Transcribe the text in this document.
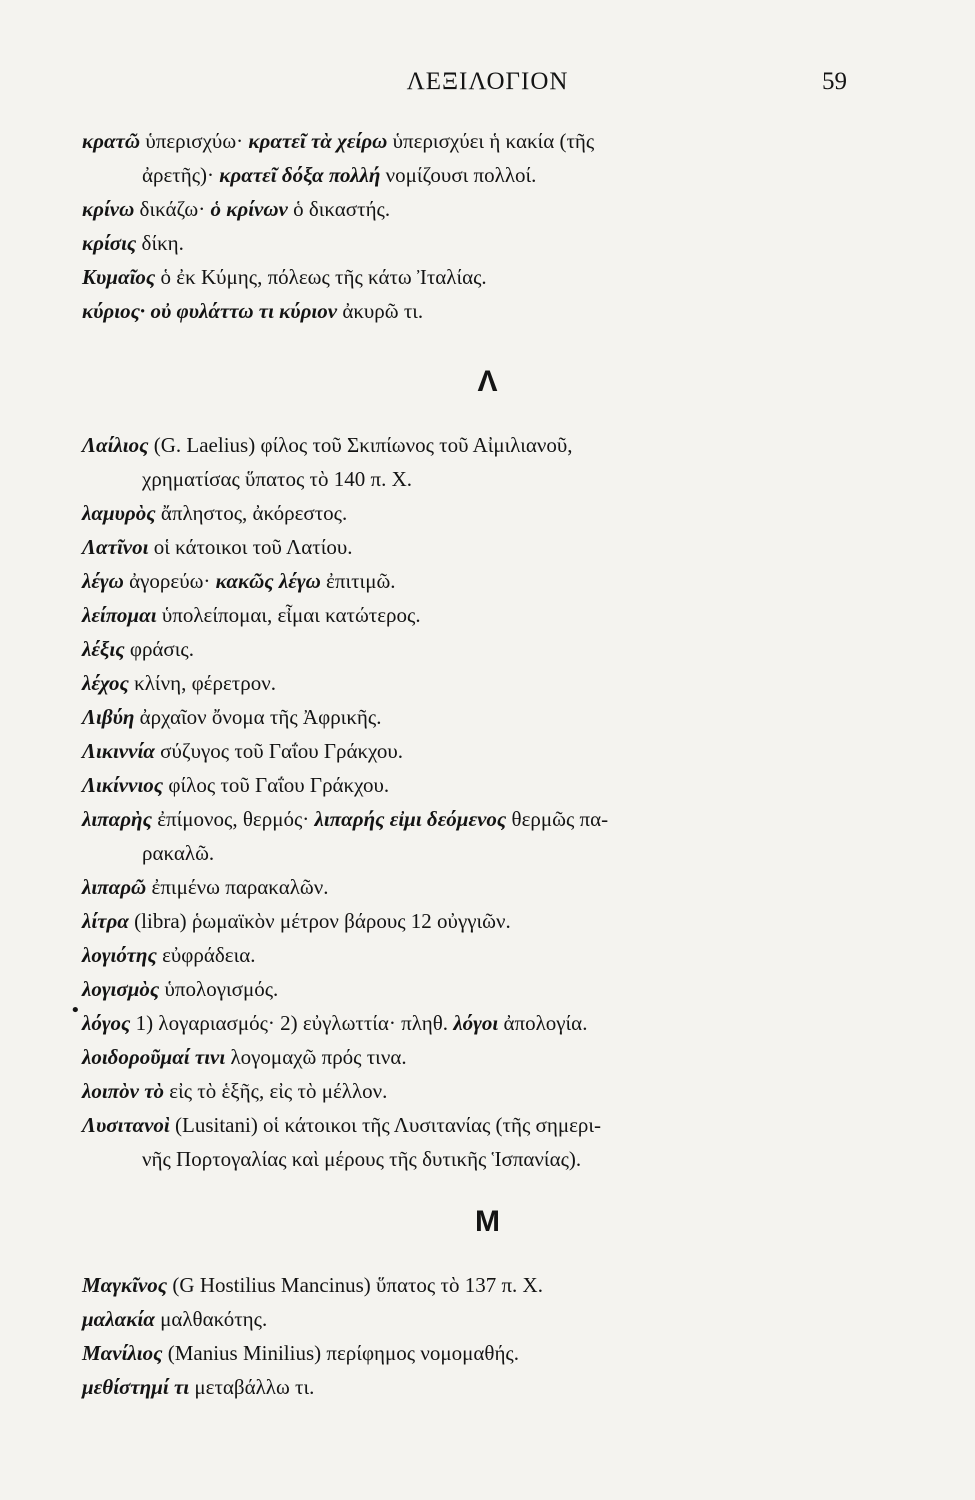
ΛΕΞΙΛΟΓΙΟΝ	59
κρατῶ ὑπερισχύω· κρατεῖ τὰ χείρω ὑπερισχύει ἡ κακία (τῆς
ἀρετῆς)· κρατεῖ δόξα πολλή νομίζουσι πολλοί.
κρίνω δικάζω· ὁ κρίνων ὁ δικαστής.
κρίσις δίκη.
Κυμαῖος ὁ ἐκ Κύμης, πόλεως τῆς κάτω Ἰταλίας.
κύριος· οὐ φυλάττω τι κύριον ἀκυρῶ τι.
Λ
Λαίλιος (G. Laelius) φίλος τοῦ Σκιπίωνος τοῦ Αἰμιλιανοῦ,
χρηματίσας ὕπατος τὸ 140 π. Χ.
λαμυρὸς ἄπληστος, ἀκόρεστος.
Λατῖνοι οἱ κάτοικοι τοῦ Λατίου.
λέγω ἀγορεύω· κακῶς λέγω ἐπιτιμῶ.
λείπομαι ὑπολείπομαι, εἶμαι κατώτερος.
λέξις φράσις.
λέχος κλίνη, φέρετρον.
Λιβύη ἀρχαῖον ὄνομα τῆς Ἀφρικῆς.
Λικιννία σύζυγος τοῦ Γαΐου Γράκχου.
Λικίννιος φίλος τοῦ Γαΐου Γράκχου.
λιπαρὴς ἐπίμονος, θερμός· λιπαρής εἰμι δεόμενος θερμῶς πα-
ρακαλῶ.
λιπαρῶ ἐπιμένω παρακαλῶν.
λίτρα (libra) ῥωμαϊκὸν μέτρον βάρους 12 οὐγγιῶν.
λογιότης εὐφράδεια.
λογισμὸς ὑπολογισμός.
λόγος 1) λογαριασμός· 2) εὐγλωττία· πληθ. λόγοι ἀπολογία.
λοιδοροῦμαί τινι λογομαχῶ πρός τινα.
λοιπὸν τὸ εἰς τὸ ἑξῆς, εἰς τὸ μέλλον.
Λυσιτανοὶ (Lusitani) οἱ κάτοικοι τῆς Λυσιτανίας (τῆς σημερι-
νῆς Πορτογαλίας καὶ μέρους τῆς δυτικῆς Ἱσπανίας).
•
Μ
Μαγκῖνος (G Hostilius Mancinus) ὕπατος τὸ 137 π. Χ.
μαλακία μαλθακότης.
Μανίλιος (Manius Minilius) περίφημος νομομαθής.
μεθίστημί τι μεταβάλλω τι.
